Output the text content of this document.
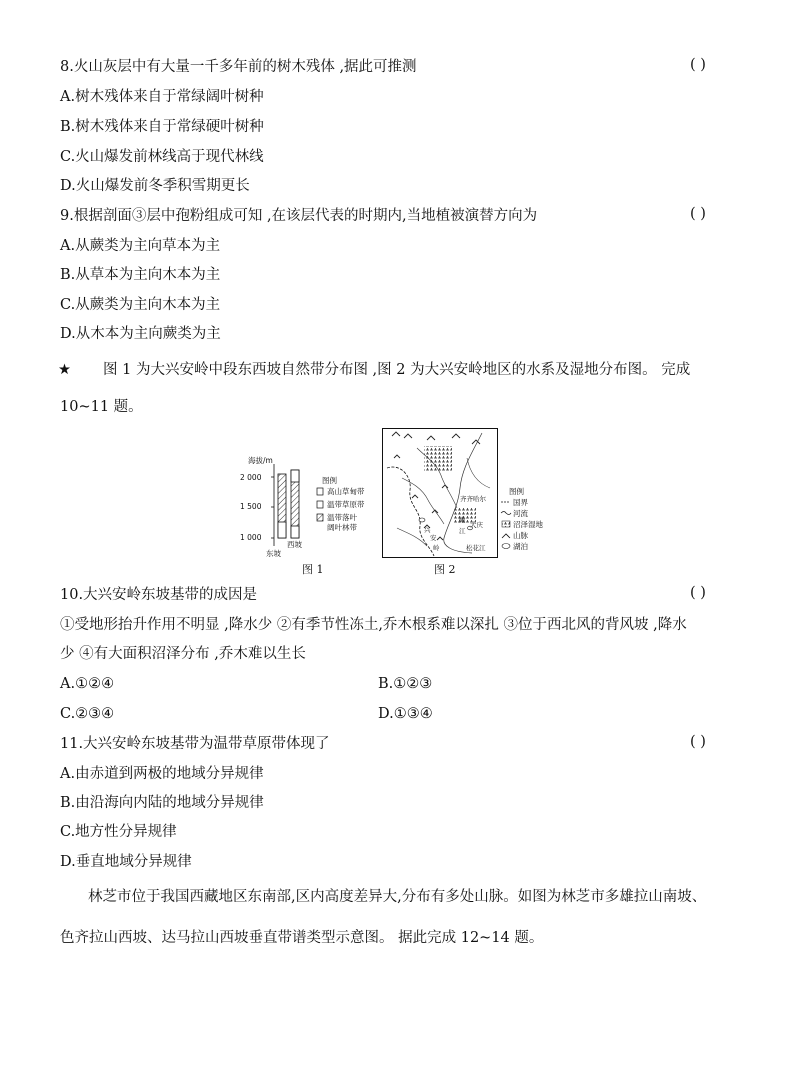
8.火山灰层中有大量一千多年前的树木残体 ,据此可推测	( )
A.树木残体来自于常绿阔叶树种
B.树木残体来自于常绿硬叶树种
C.火山爆发前林线高于现代林线
D.火山爆发前冬季积雪期更长
9.根据剖面③层中孢粉组成可知 ,在该层代表的时期内,当地植被演替方向为	( )
A.从蕨类为主向草本为主
B.从草本为主向木本为主
C.从蕨类为主向木本为主
D.从木本为主向蕨类为主
★ 图 1 为大兴安岭中段东西坡自然带分布图 ,图 2 为大兴安岭地区的水系及湿地分布图。 完成
10~11 题。
海拔/m
2 000
1 500
1 000
东坡
西坡
图例
高山草甸带
温带草原带
温带落叶
阔叶林带
图 1
齐齐哈尔
大庆
嫩
江
兴
安
岭	松花江
图例
国界
河流
沼泽湿地
山脉
湖泊
图 2
10.大兴安岭东坡基带的成因是	( )
①受地形抬升作用不明显 ,降水少 ②有季节性冻土,乔木根系难以深扎 ③位于西北风的背风坡 ,降水
少 ④有大面积沼泽分布 ,乔木难以生长
A.①②④	B.①②③
C.②③④	D.①③④
11.大兴安岭东坡基带为温带草原带体现了	( )
A.由赤道到两极的地域分异规律
B.由沿海向内陆的地域分异规律
C.地方性分异规律
D.垂直地域分异规律
林芝市位于我国西藏地区东南部,区内高度差异大,分布有多处山脉。如图为林芝市多雄拉山南坡、
色齐拉山西坡、达马拉山西坡垂直带谱类型示意图。 据此完成 12~14 题。
